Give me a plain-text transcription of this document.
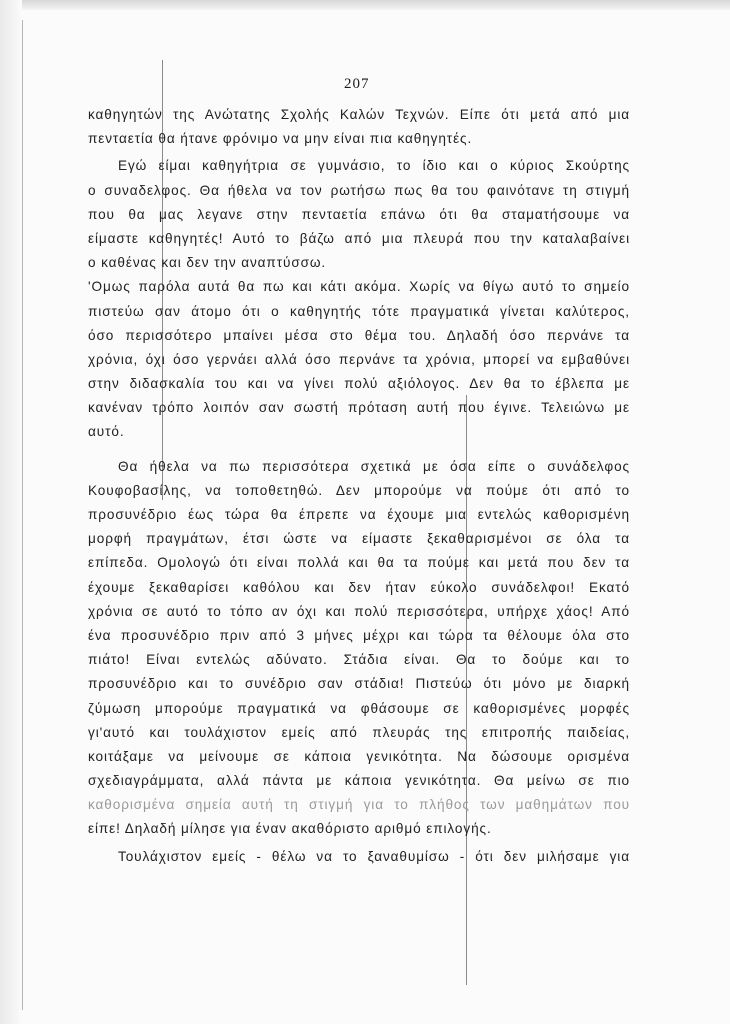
207
καθηγητών της Ανώτατης Σχολής Καλών Τεχνών. Είπε ότι μετά από μια
πενταετία θα ήτανε φρόνιμο να μην είναι πια καθηγητές.
Εγώ είμαι καθηγήτρια σε γυμνάσιο, το ίδιο και ο κύριος Σκούρτης
ο συναδελφος. Θα ήθελα να τον ρωτήσω πως θα του φαινότανε τη στιγμή
που θα μας λεγανε στην πενταετία επάνω ότι θα σταματήσουμε να
είμαστε καθηγητές! Αυτό το βάζω από μια πλευρά που την καταλαβαίνει
ο καθένας και δεν την αναπτύσσω.
'Ομως παρόλα αυτά θα πω και κάτι ακόμα. Χωρίς να θίγω αυτό το σημείο
πιστεύω σαν άτομο ότι ο καθηγητής τότε πραγματικά γίνεται καλύτερος,
όσο περισσότερο μπαίνει μέσα στο θέμα του. Δηλαδή όσο περνάνε τα
χρόνια, όχι όσο γερνάει αλλά όσο περνάνε τα χρόνια, μπορεί να εμβαθύνει
στην διδασκαλία του και να γίνει πολύ αξιόλογος. Δεν θα το έβλεπα με
κανέναν τρόπο λοιπόν σαν σωστή πρόταση αυτή που έγινε. Τελειώνω με
αυτό.
Θα ήθελα να πω περισσότερα σχετικά με όσα είπε ο συνάδελφος
Κουφοβασίλης, να τοποθετηθώ. Δεν μπορούμε να πούμε ότι από το
προσυνέδριο έως τώρα θα έπρεπε να έχουμε μια εντελώς καθορισμένη
μορφή πραγμάτων, έτσι ώστε να είμαστε ξεκαθαρισμένοι σε όλα τα
επίπεδα. Ομολογώ ότι είναι πολλά και θα τα πούμε και μετά που δεν τα
έχουμε ξεκαθαρίσει καθόλου και δεν ήταν εύκολο συνάδελφοι! Εκατό
χρόνια σε αυτό το τόπο αν όχι και πολύ περισσότερα, υπήρχε χάος! Από
ένα προσυνέδριο πριν από 3 μήνες μέχρι και τώρα τα θέλουμε όλα στο
πιάτο! Είναι εντελώς αδύνατο. Στάδια είναι. Θα το δούμε και το
προσυνέδριο και το συνέδριο σαν στάδια! Πιστεύω ότι μόνο με διαρκή
ζύμωση μπορούμε πραγματικά να φθάσουμε σε καθορισμένες μορφές
γι'αυτό και τουλάχιστον εμείς από πλευράς της επιτροπής παιδείας,
κοιτάξαμε να μείνουμε σε κάποια γενικότητα. Να δώσουμε ορισμένα
σχεδιαγράμματα, αλλά πάντα με κάποια γενικότητα. Θα μείνω σε πιο
καθορισμένα σημεία αυτή τη στιγμή για το πλήθος των μαθημάτων που
είπε! Δηλαδή μίλησε για έναν ακαθόριστο αριθμό επιλογής.
Τουλάχιστον εμείς - θέλω να το ξαναθυμίσω - ότι δεν μιλήσαμε για
